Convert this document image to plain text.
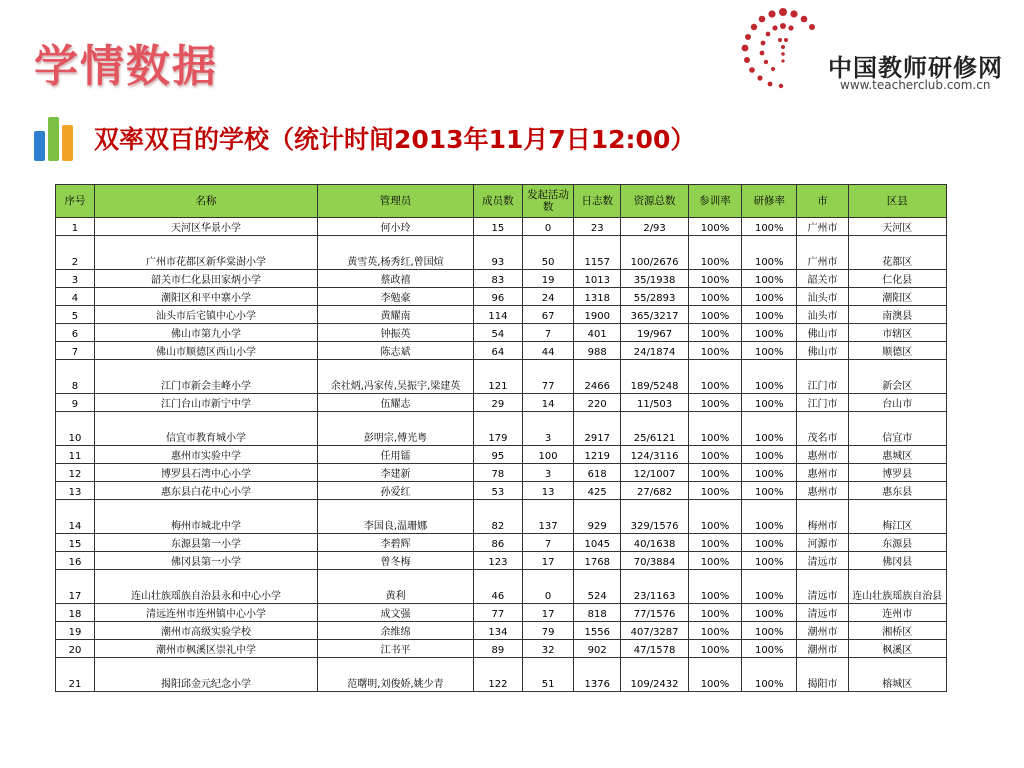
学情数据	中国教师研修网
www.teacherclub.com.cn
双率双百的学校（统计时间2013年11月7日12:00）
序号	名称	管理员	成员数	发起活动数	日志数	资源总数	参训率	研修率	市	区县
1	天河区华景小学	何小玲	15	0	23	2/93	100%	100%	广州市	天河区
2	广州市花都区新华棠澍小学	黄雪英,杨秀红,曾国煊	93	50	1157	100/2676	100%	100%	广州市	花都区
3	韶关市仁化县田家炳小学	蔡政禧	83	19	1013	35/1938	100%	100%	韶关市	仁化县
4	潮阳区和平中寨小学	李勉豪	96	24	1318	55/2893	100%	100%	汕头市	潮阳区
5	汕头市后宅镇中心小学	黄耀南	114	67	1900	365/3217	100%	100%	汕头市	南澳县
6	佛山市第九小学	钟振英	54	7	401	19/967	100%	100%	佛山市	市辖区
7	佛山市顺德区西山小学	陈志斌	64	44	988	24/1874	100%	100%	佛山市	顺德区
8	江门市新会圭峰小学	余社炳,冯家传,吴振宇,梁建英	121	77	2466	189/5248	100%	100%	江门市	新会区
9	江门台山市新宁中学	伍耀志	29	14	220	11/503	100%	100%	江门市	台山市
10	信宜市教育城小学	彭明宗,傅光粤	179	3	2917	25/6121	100%	100%	茂名市	信宜市
11	惠州市实验中学	任用镭	95	100	1219	124/3116	100%	100%	惠州市	惠城区
12	博罗县石湾中心小学	李建新	78	3	618	12/1007	100%	100%	惠州市	博罗县
13	惠东县白花中心小学	孙爱红	53	13	425	27/682	100%	100%	惠州市	惠东县
14	梅州市城北中学	李国良,温珊娜	82	137	929	329/1576	100%	100%	梅州市	梅江区
15	东源县第一小学	李碧辉	86	7	1045	40/1638	100%	100%	河源市	东源县
16	佛冈县第一小学	曾冬梅	123	17	1768	70/3884	100%	100%	清远市	佛冈县
17	连山壮族瑶族自治县永和中心小学	黄利	46	0	524	23/1163	100%	100%	清远市	连山壮族瑶族自治县
18	清远连州市连州镇中心小学	成文强	77	17	818	77/1576	100%	100%	清远市	连州市
19	潮州市高级实验学校	余维绵	134	79	1556	407/3287	100%	100%	潮州市	湘桥区
20	潮州市枫溪区崇礼中学	江书平	89	32	902	47/1578	100%	100%	潮州市	枫溪区
21	揭阳邱金元纪念小学	范曙明,刘俊娇,姚少青	122	51	1376	109/2432	100%	100%	揭阳市	榕城区
